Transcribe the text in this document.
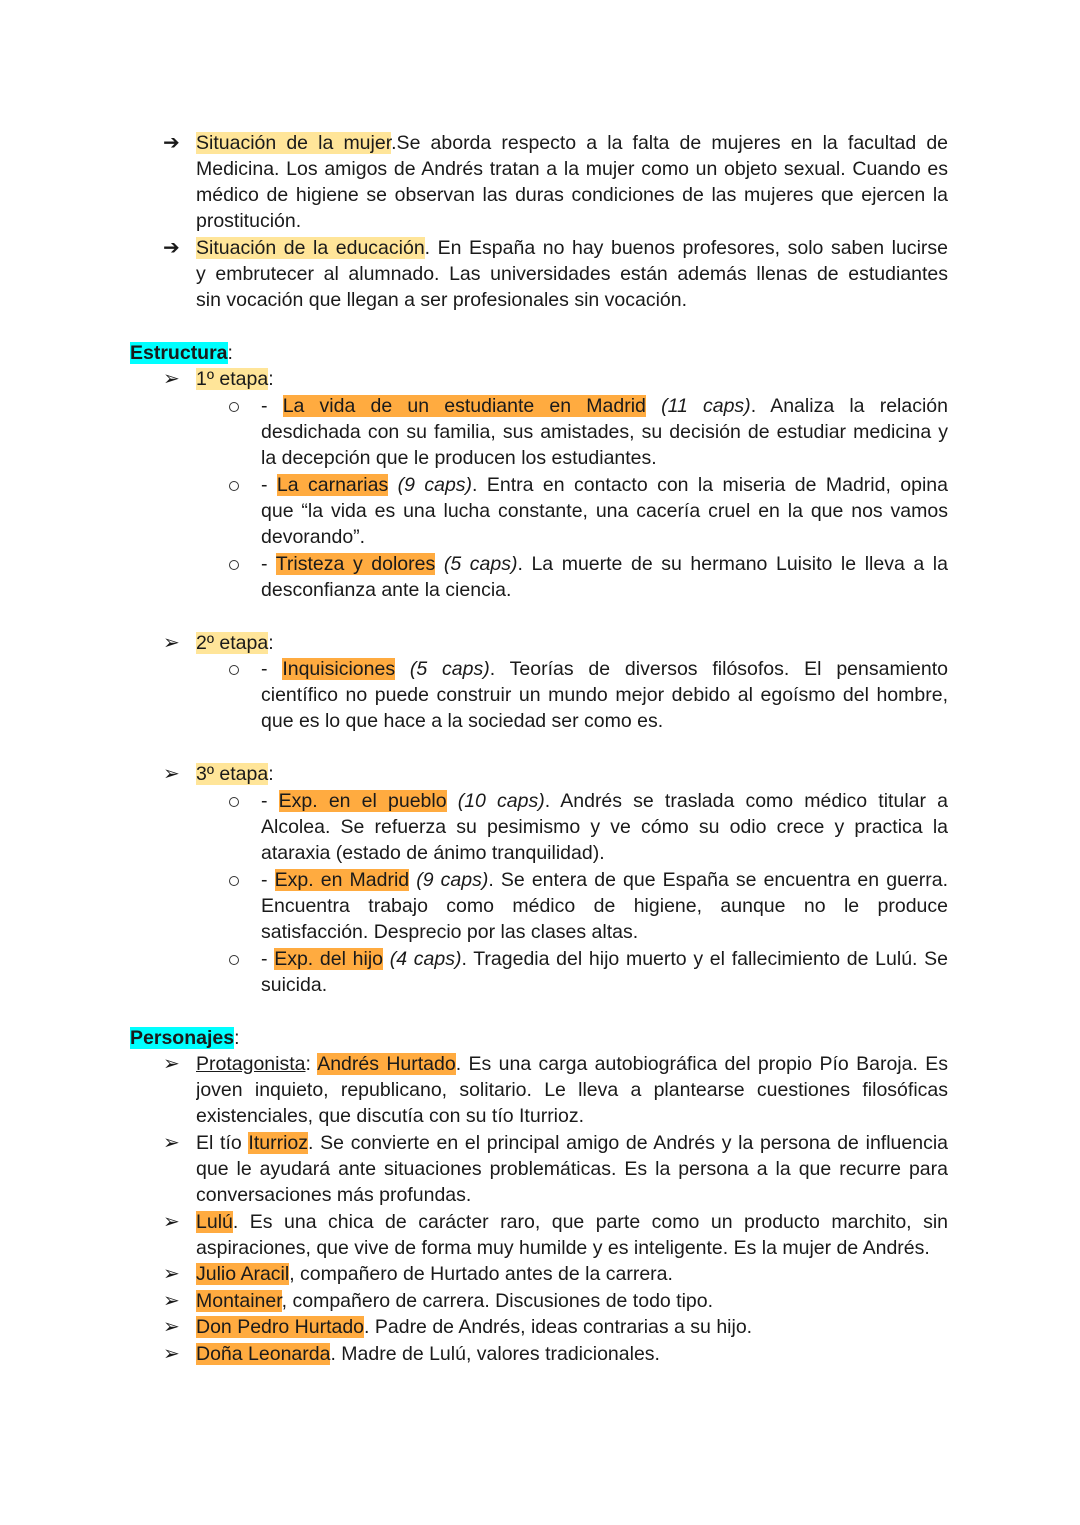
➔ Situación de la mujer.Se aborda respecto a la falta de mujeres en la facultad de
Medicina. Los amigos de Andrés tratan a la mujer como un objeto sexual. Cuando es
médico de higiene se observan las duras condiciones de las mujeres que ejercen la
prostitución.
➔ Situación de la educación. En España no hay buenos profesores, solo saben lucirse
y embrutecer al alumnado. Las universidades están además llenas de estudiantes
sin vocación que llegan a ser profesionales sin vocación.
Estructura:
➢ 1º etapa:
- La vida de un estudiante en Madrid (11 caps). Analiza la relación
desdichada con su familia, sus amistades, su decisión de estudiar medicina y
la decepción que le producen los estudiantes.
- La carnarias (9 caps). Entra en contacto con la miseria de Madrid, opina
que “la vida es una lucha constante, una cacería cruel en la que nos vamos
devorando”.
- Tristeza y dolores (5 caps). La muerte de su hermano Luisito le lleva a la
desconfianza ante la ciencia.
➢ 2º etapa:
- Inquisiciones (5 caps). Teorías de diversos filósofos. El pensamiento
científico no puede construir un mundo mejor debido al egoísmo del hombre,
que es lo que hace a la sociedad ser como es.
➢ 3º etapa:
- Exp. en el pueblo (10 caps). Andrés se traslada como médico titular a
Alcolea. Se refuerza su pesimismo y ve cómo su odio crece y practica la
ataraxia (estado de ánimo tranquilidad).
- Exp. en Madrid (9 caps). Se entera de que España se encuentra en guerra.
Encuentra trabajo como médico de higiene, aunque no le produce
satisfacción. Desprecio por las clases altas.
- Exp. del hijo (4 caps). Tragedia del hijo muerto y el fallecimiento de Lulú. Se
suicida.
Personajes:
➢ Protagonista: Andrés Hurtado. Es una carga autobiográfica del propio Pío Baroja. Es
joven inquieto, republicano, solitario. Le lleva a plantearse cuestiones filosóficas
existenciales, que discutía con su tío Iturrioz.
➢ El tío Iturrioz. Se convierte en el principal amigo de Andrés y la persona de influencia
que le ayudará ante situaciones problemáticas. Es la persona a la que recurre para
conversaciones más profundas.
➢ Lulú. Es una chica de carácter raro, que parte como un producto marchito, sin
aspiraciones, que vive de forma muy humilde y es inteligente. Es la mujer de Andrés.
➢ Julio Aracil, compañero de Hurtado antes de la carrera.
➢ Montainer, compañero de carrera. Discusiones de todo tipo.
➢ Don Pedro Hurtado. Padre de Andrés, ideas contrarias a su hijo.
➢ Doña Leonarda. Madre de Lulú, valores tradicionales.
